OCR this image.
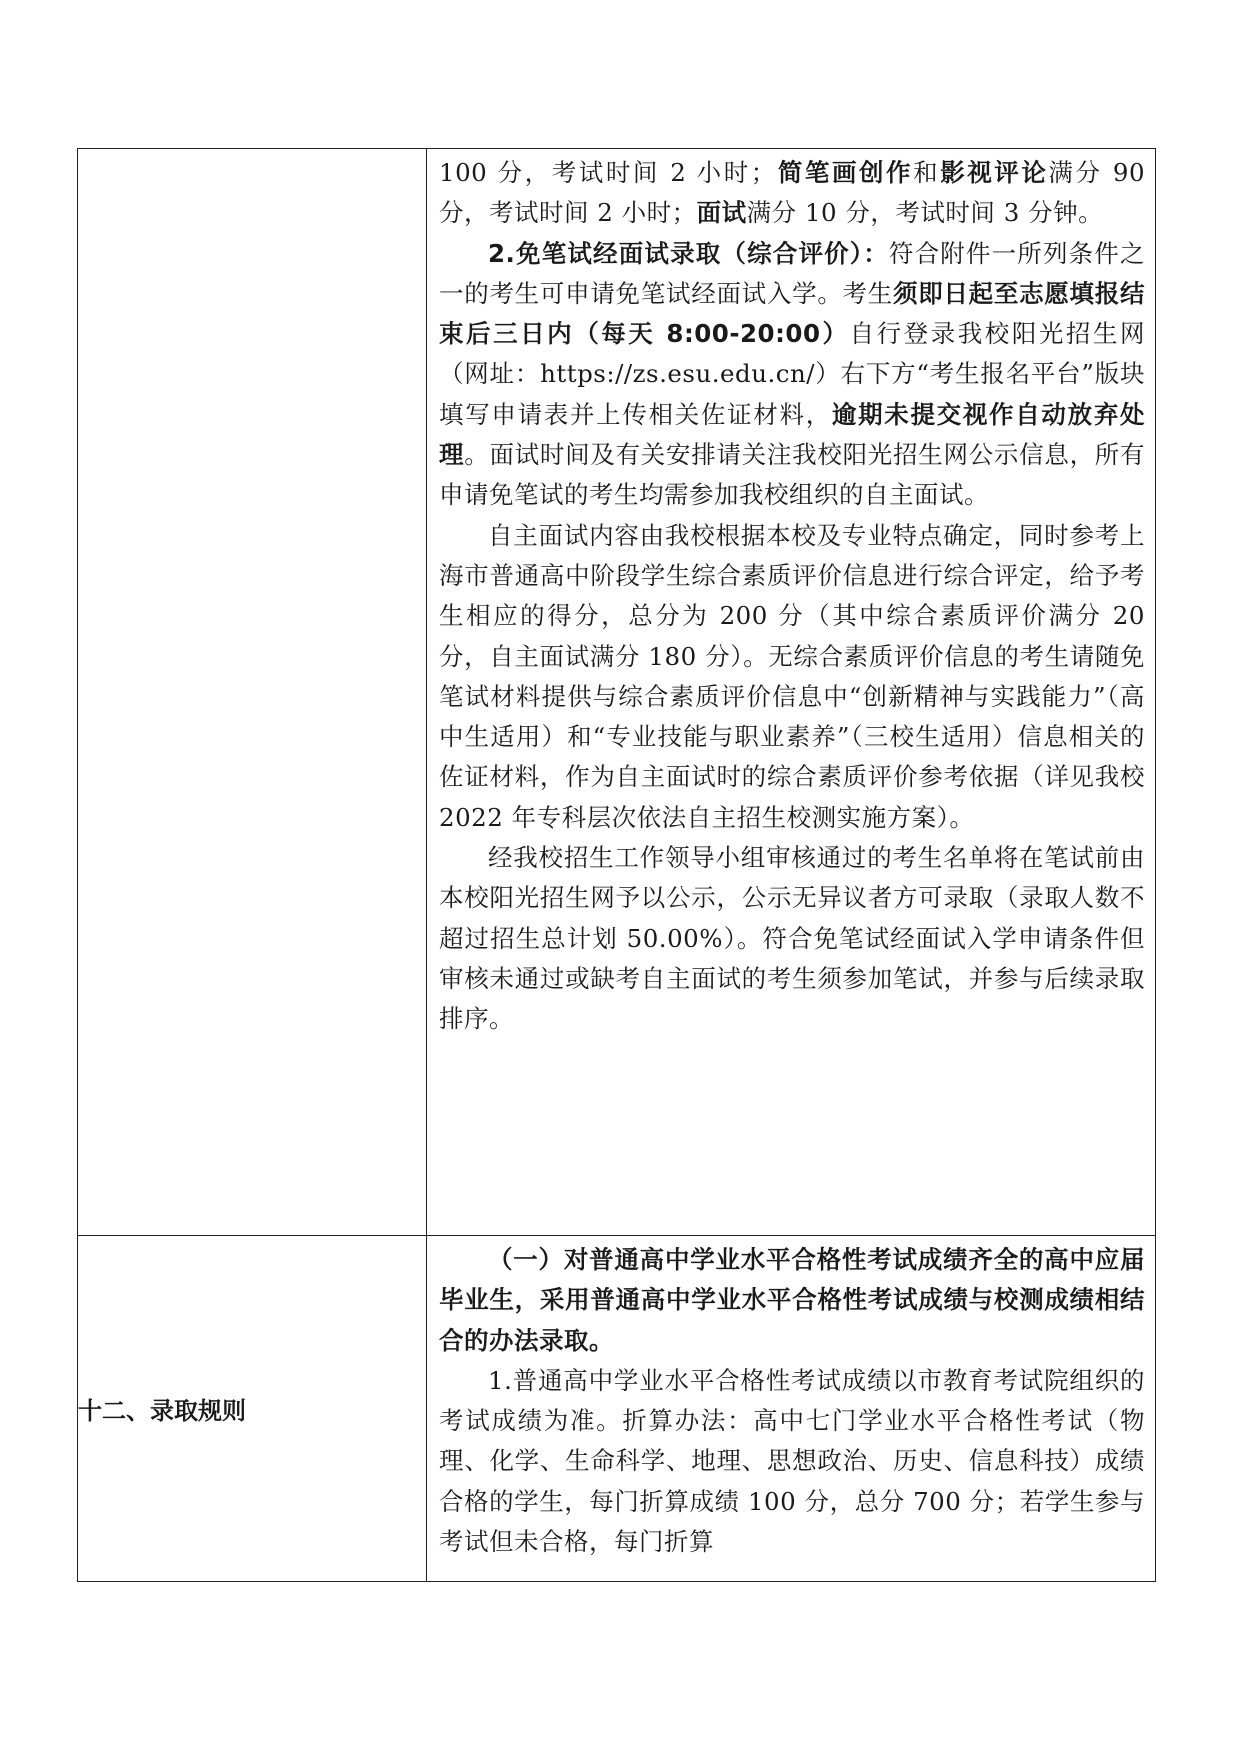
	100 分，考试时间 2 小时；简笔画创作和影视评论满分 90 分，考试时间 2 小时；面试满分 10 分，考试时间 3 分钟。

2.免笔试经面试录取（综合评价）：符合附件一所列条件之一的考生可申请免笔试经面试入学。考生须即日起至志愿填报结束后三日内（每天 8:00-20:00）自行登录我校阳光招生网（网址：https://zs.esu.edu.cn/）右下方“考生报名平台”版块填写申请表并上传相关佐证材料，逾期未提交视作自动放弃处理。面试时间及有关安排请关注我校阳光招生网公示信息，所有申请免笔试的考生均需参加我校组织的自主面试。

自主面试内容由我校根据本校及专业特点确定，同时参考上海市普通高中阶段学生综合素质评价信息进行综合评定，给予考生相应的得分，总分为 200 分（其中综合素质评价满分 20 分，自主面试满分 180 分）。无综合素质评价信息的考生请随免笔试材料提供与综合素质评价信息中“创新精神与实践能力”（高中生适用）和“专业技能与职业素养”（三校生适用）信息相关的佐证材料，作为自主面试时的综合素质评价参考依据（详见我校 2022 年专科层次依法自主招生校测实施方案）。

经我校招生工作领导小组审核通过的考生名单将在笔试前由本校阳光招生网予以公示，公示无异议者方可录取（录取人数不超过招生总计划 50.00%）。符合免笔试经面试入学申请条件但审核未通过或缺考自主面试的考生须参加笔试，并参与后续录取排序。

十二、录取规则	（一）对普通高中学业水平合格性考试成绩齐全的高中应届毕业生，采用普通高中学业水平合格性考试成绩与校测成绩相结合的办法录取。

1.普通高中学业水平合格性考试成绩以市教育考试院组织的考试成绩为准。折算办法：高中七门学业水平合格性考试（物理、化学、生命科学、地理、思想政治、历史、信息科技）成绩合格的学生，每门折算成绩 100 分，总分 700 分；若学生参与考试但未合格，每门折算
